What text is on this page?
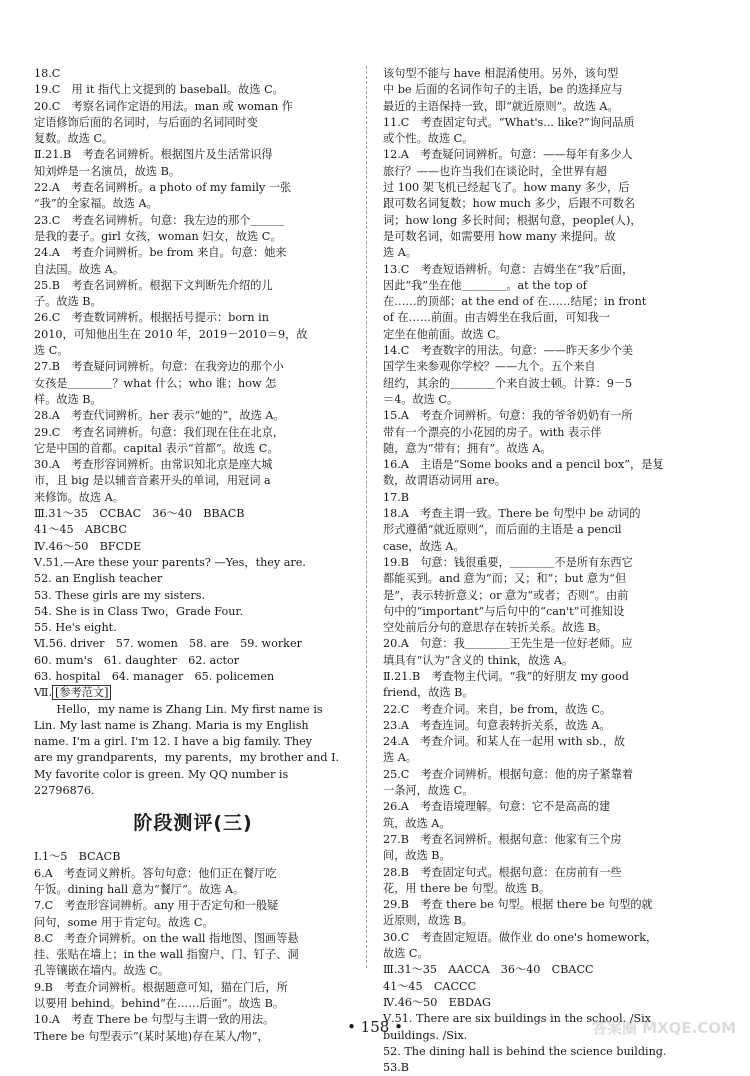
18.C
19.C　用 it 指代上文提到的 baseball。故选 C。
20.C　考察名词作定语的用法。man 或 woman 作
定语修饰后面的名词时，与后面的名词同时变
复数。故选 C。
Ⅱ.21.B　考查名词辨析。根据图片及生活常识得
知刘烨是一名演员，故选 B。
22.A　考查名词辨析。a photo of my family 一张
“我”的全家福。故选 A。
23.C　考查名词辨析。句意：我左边的那个＿＿＿
是我的妻子。girl 女孩，woman 妇女，故选 C。
24.A　考查介词辨析。be from 来自。句意：她来
自法国。故选 A。
25.B　考查名词辨析。根据下文判断先介绍的儿
子。故选 B。
26.C　考查数词辨析。根据括号提示：born in
2010，可知他出生在 2010 年，2019－2010＝9，故
选 C。
27.B　考查疑问词辨析。句意：在我旁边的那个小
女孩是＿＿＿＿？what 什么；who 谁；how 怎
样。故选 B。
28.A　考查代词辨析。her 表示“她的”，故选 A。
29.C　考查名词辨析。句意：我们现在住在北京，
它是中国的首都。capital 表示“首都”。故选 C。
30.A　考查形容词辨析。由常识知北京是座大城
市，且 big 是以辅音音素开头的单词，用冠词 a
来修饰。故选 A。
Ⅲ.31～35　CCBAC　36～40　BBACB
41～45　ABCBC
Ⅳ.46～50　BFCDE
Ⅴ.51.—Are these your parents? —Yes，they are.
52. an English teacher
53. These girls are my sisters.
54. She is in Class Two，Grade Four.
55. He's eight.
Ⅵ.56. driver　57. women　58. are　59. worker
60. mum's　61. daughter　62. actor
63. hospital　64. manager　65. policemen
Ⅶ. [参考范文]
　　Hello，my name is Zhang Lin. My first name is
Lin. My last name is Zhang. Maria is my English
name. I'm a girl. I'm 12. I have a big family. They
are my grandparents，my parents，my brother and I.
My favorite color is green. My QQ number is
22796876.
阶段测评(三)
Ⅰ.1～5　BCACB
6.A　考查词义辨析。答句句意：他们正在餐厅吃
午饭。dining hall 意为“餐厅”。故选 A。
7.C　考查形容词辨析。any 用于否定句和一般疑
问句，some 用于肯定句。故选 C。
8.C　考查介词辨析。on the wall 指地图、图画等悬
挂、张贴在墙上；in the wall 指窗户、门、钉子、洞
孔等镶嵌在墙内。故选 C。
9.B　考查介词辨析。根据题意可知，猫在门后，所
以要用 behind。behind“在……后面”。故选 B。
10.A　考查 There be 句型与主谓一致的用法。
There be 句型表示“(某时某地)存在某人/物”，
该句型不能与 have 相混淆使用。另外，该句型
中 be 后面的名词作句子的主语，be 的选择应与
最近的主语保持一致，即“就近原则”。故选 A。
11.C　考查固定句式。“What's... like?”询问品质
或个性。故选 C。
12.A　考查疑问词辨析。句意：——每年有多少人
旅行？——也许当我们在谈论时，全世界有超
过 100 架飞机已经起飞了。how many 多少，后
跟可数名词复数；how much 多少，后跟不可数名
词；how long 多长时间；根据句意，people(人)，
是可数名词，如需要用 how many 来提问。故
选 A。
13.C　考查短语辨析。句意：吉姆坐在“我”后面，
因此“我”坐在他＿＿＿＿。at the top of
在……的顶部；at the end of 在……结尾；in front
of 在……前面。由吉姆坐在我后面，可知我一
定坐在他前面。故选 C。
14.C　考查数字的用法。句意：——昨天多少个美
国学生来参观你学校？——九个。五个来自
纽约，其余的＿＿＿＿个来自波士顿。计算：9－5
＝4。故选 C。
15.A　考查介词辨析。句意：我的爷爷奶奶有一所
带有一个漂亮的小花园的房子。with 表示伴
随，意为“带有；拥有”。故选 A。
16.A　主语是“Some books and a pencil box”，是复
数，故谓语动词用 are。
17.B
18.A　考查主谓一致。There be 句型中 be 动词的
形式遵循“就近原则”，而后面的主语是 a pencil
case，故选 A。
19.B　句意：钱很重要，＿＿＿＿不是所有东西它
都能买到。and 意为“而；又；和”；but 意为“但
是”，表示转折意义；or 意为“或者；否则”。由前
句中的“important”与后句中的“can't”可推知设
空处前后分句的意思存在转折关系。故选 B。
20.A　句意：我＿＿＿＿王先生是一位好老师。应
填具有“认为”含义的 think，故选 A。
Ⅱ.21.B　考查物主代词。“我”的好朋友 my good
friend，故选 B。
22.C　考查介词。来自，be from，故选 C。
23.A　考查连词。句意表转折关系，故选 A。
24.A　考查介词。和某人在一起用 with sb.，故
选 A。
25.C　考查介词辨析。根据句意：他的房子紧靠着
一条河，故选 C。
26.A　考查语境理解。句意：它不是高高的建
筑，故选 A。
27.B　考查名词辨析。根据句意：他家有三个房
间，故选 B。
28.B　考查固定句式。根据句意：在房前有一些
花，用 there be 句型。故选 B。
29.B　考查 there be 句型。根据 there be 句型的就
近原则，故选 B。
30.C　考查固定短语。做作业 do one's homework，
故选 C。
Ⅲ.31～35　AACCA　36～40　CBACC
41～45　CACCC
Ⅳ.46～50　EBDAG
Ⅴ.51. There are six buildings in the school. /Six
buildings. /Six.
52. The dining hall is behind the science building.
53.B
• 158 •	答案圈 MXQE.COM
